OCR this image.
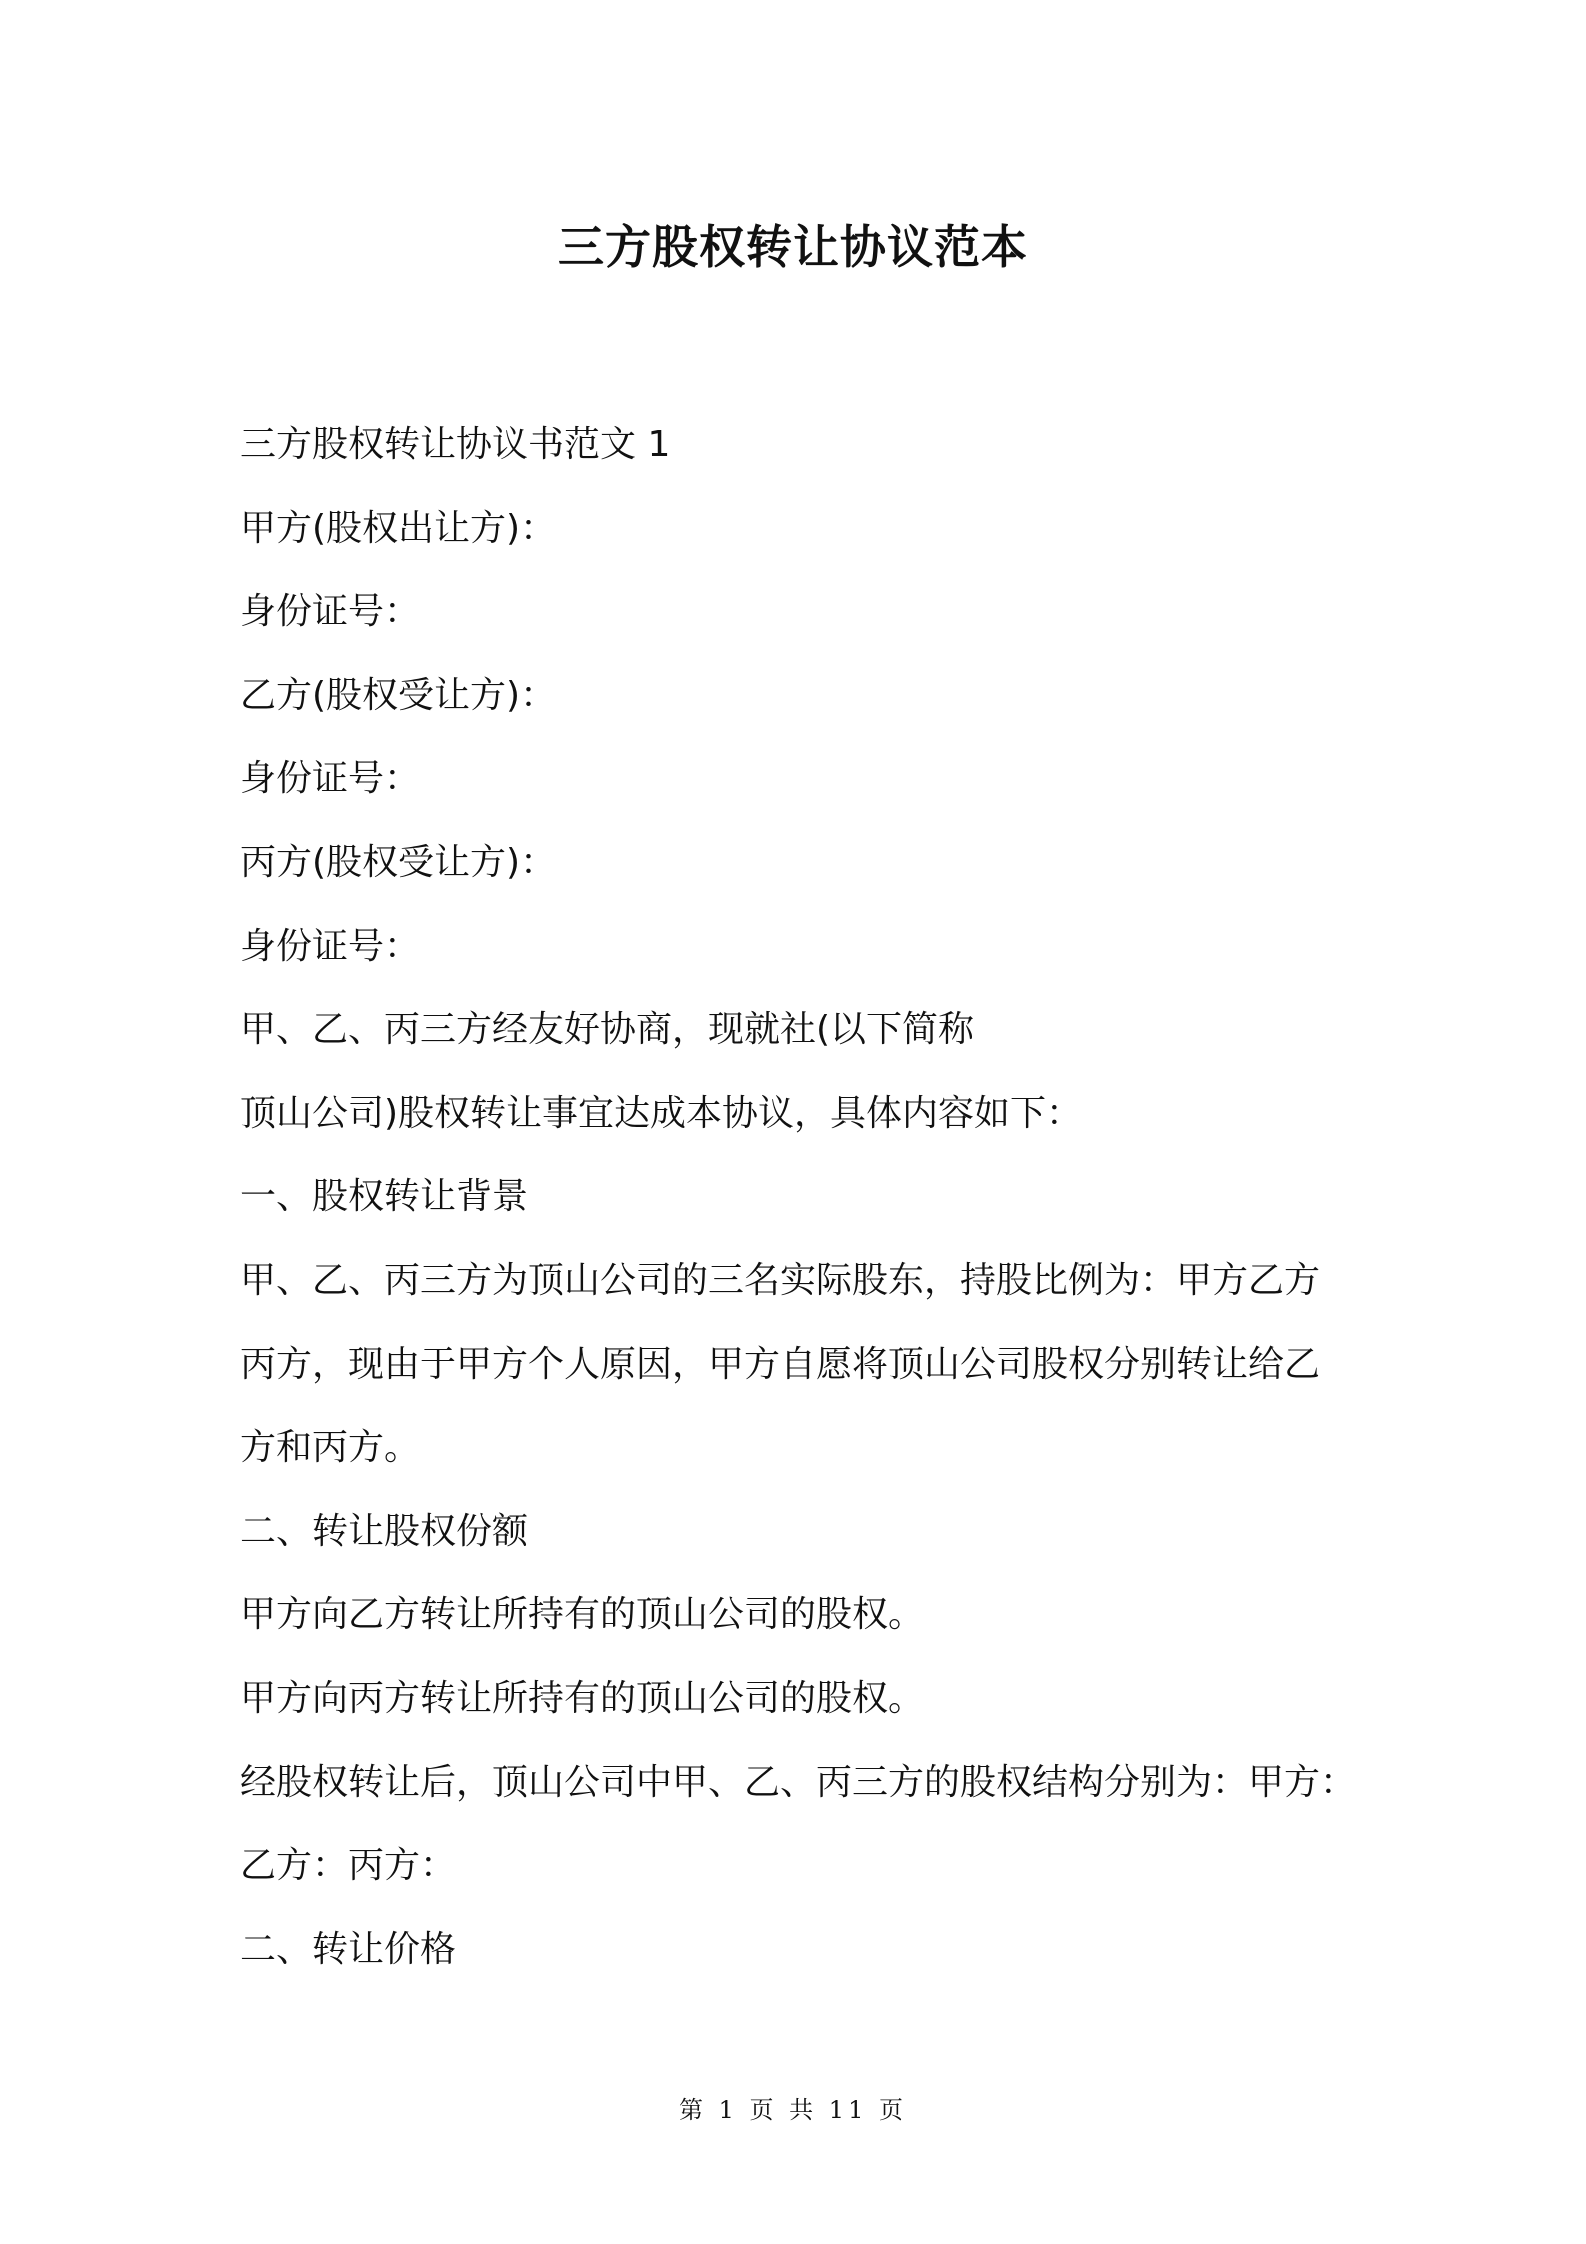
三方股权转让协议范本
三方股权转让协议书范文 1
甲方(股权出让方)：
身份证号：
乙方(股权受让方)：
身份证号：
丙方(股权受让方)：
身份证号：
甲、乙、丙三方经友好协商，现就社(以下简称
顶山公司)股权转让事宜达成本协议，具体内容如下：
一、股权转让背景
甲、乙、丙三方为顶山公司的三名实际股东，持股比例为：甲方乙方
丙方，现由于甲方个人原因，甲方自愿将顶山公司股权分别转让给乙
方和丙方。
二、转让股权份额
甲方向乙方转让所持有的顶山公司的股权。
甲方向丙方转让所持有的顶山公司的股权。
经股权转让后，顶山公司中甲、乙、丙三方的股权结构分别为：甲方：
乙方：丙方：
二、转让价格
第 1 页 共 11 页
